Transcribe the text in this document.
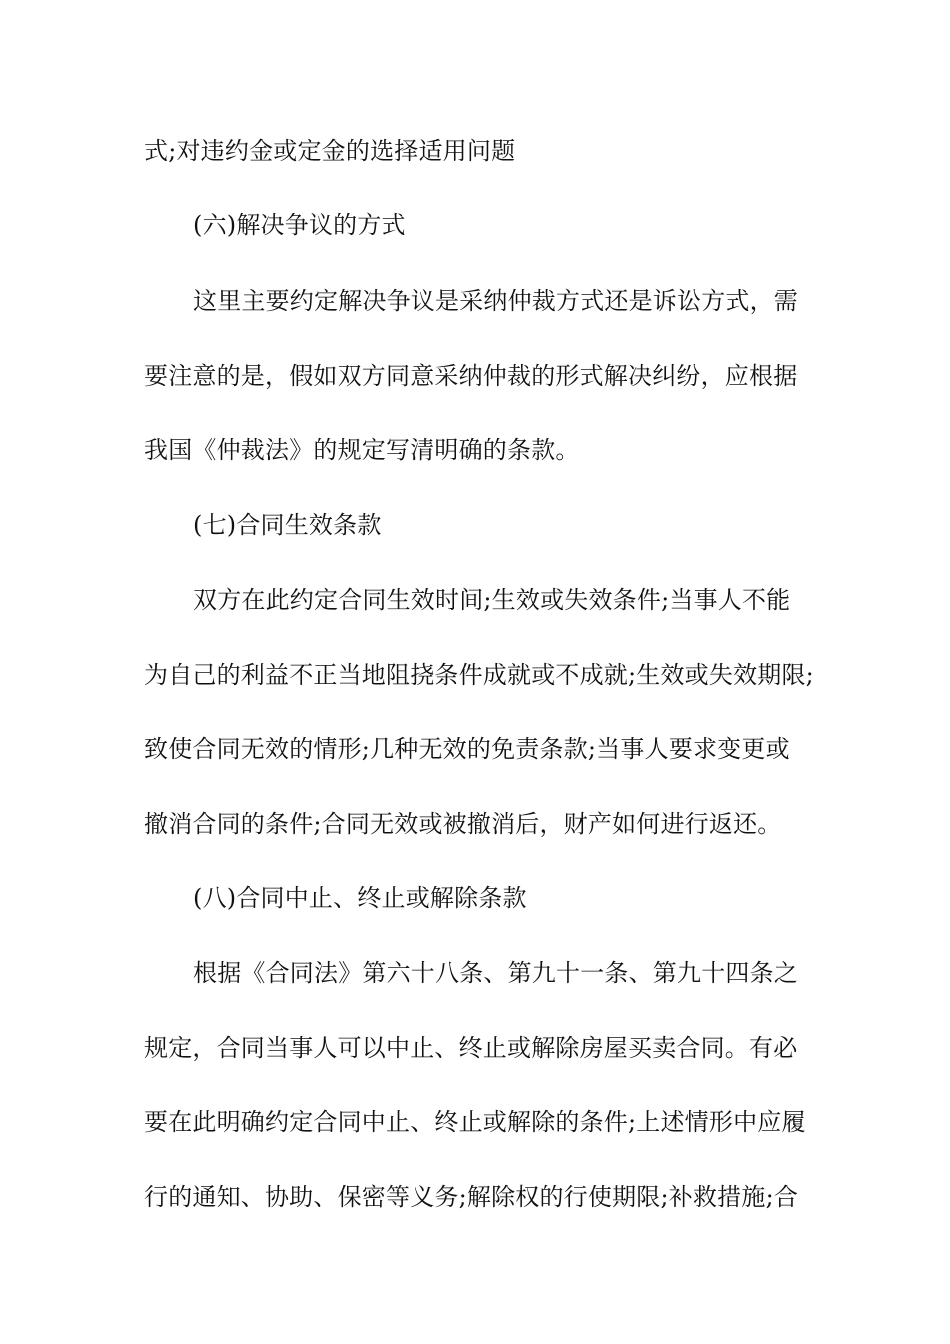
式;对违约金或定金的选择适用问题
(六)解决争议的方式
这里主要约定解决争议是采纳仲裁方式还是诉讼方式，需
要注意的是，假如双方同意采纳仲裁的形式解决纠纷，应根据
我国《仲裁法》的规定写清明确的条款。
(七)合同生效条款
双方在此约定合同生效时间;生效或失效条件;当事人不能
为自己的利益不正当地阻挠条件成就或不成就;生效或失效期限;
致使合同无效的情形;几种无效的免责条款;当事人要求变更或
撤消合同的条件;合同无效或被撤消后，财产如何进行返还。
(八)合同中止、终止或解除条款
根据《合同法》第六十八条、第九十一条、第九十四条之
规定，合同当事人可以中止、终止或解除房屋买卖合同。有必
要在此明确约定合同中止、终止或解除的条件;上述情形中应履
行的通知、协助、保密等义务;解除权的行使期限;补救措施;合
